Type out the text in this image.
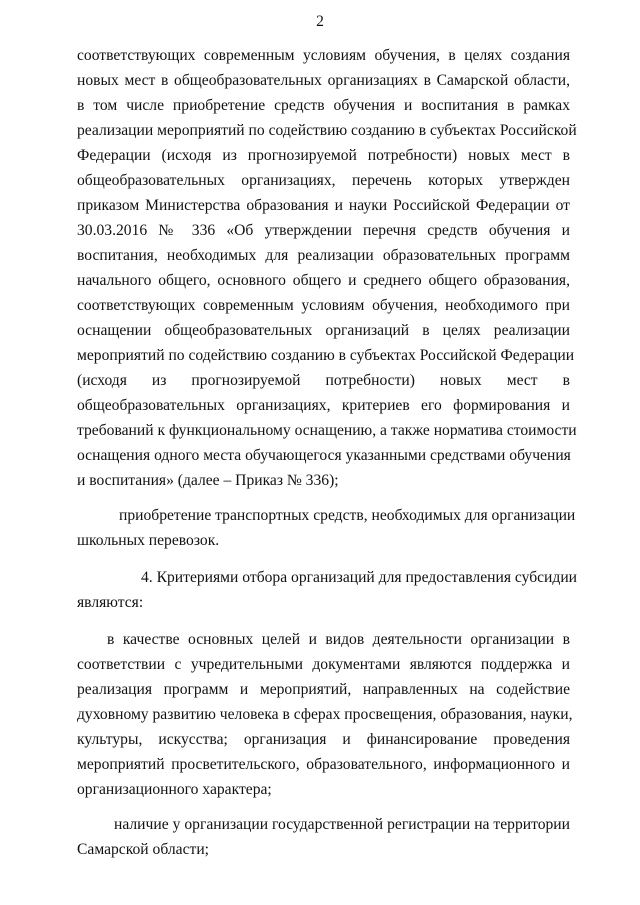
2
соответствующих современным условиям обучения, в целях создания
новых мест в общеобразовательных организациях в Самарской области,
в том числе приобретение средств обучения и воспитания в рамках
реализации мероприятий по содействию созданию в субъектах Российской
Федерации (исходя из прогнозируемой потребности) новых мест в
общеобразовательных организациях, перечень которых утвержден
приказом Министерства образования и науки Российской Федерации от
30.03.2016 № 336 «Об утверждении перечня средств обучения и
воспитания, необходимых для реализации образовательных программ
начального общего, основного общего и среднего общего образования,
соответствующих современным условиям обучения, необходимого при
оснащении общеобразовательных организаций в целях реализации
мероприятий по содействию созданию в субъектах Российской Федерации
(исходя из прогнозируемой потребности) новых мест в
общеобразовательных организациях, критериев его формирования и
требований к функциональному оснащению, а также норматива стоимости
оснащения одного места обучающегося указанными средствами обучения
и воспитания» (далее – Приказ № 336);
приобретение транспортных средств, необходимых для организации
школьных перевозок.
4. Критериями отбора организаций для предоставления субсидии
являются:
в качестве основных целей и видов деятельности организации в
соответствии с учредительными документами являются поддержка и
реализация программ и мероприятий, направленных на содействие
духовному развитию человека в сферах просвещения, образования, науки,
культуры, искусства; организация и финансирование проведения
мероприятий просветительского, образовательного, информационного и
организационного характера;
наличие у организации государственной регистрации на территории
Самарской области;
